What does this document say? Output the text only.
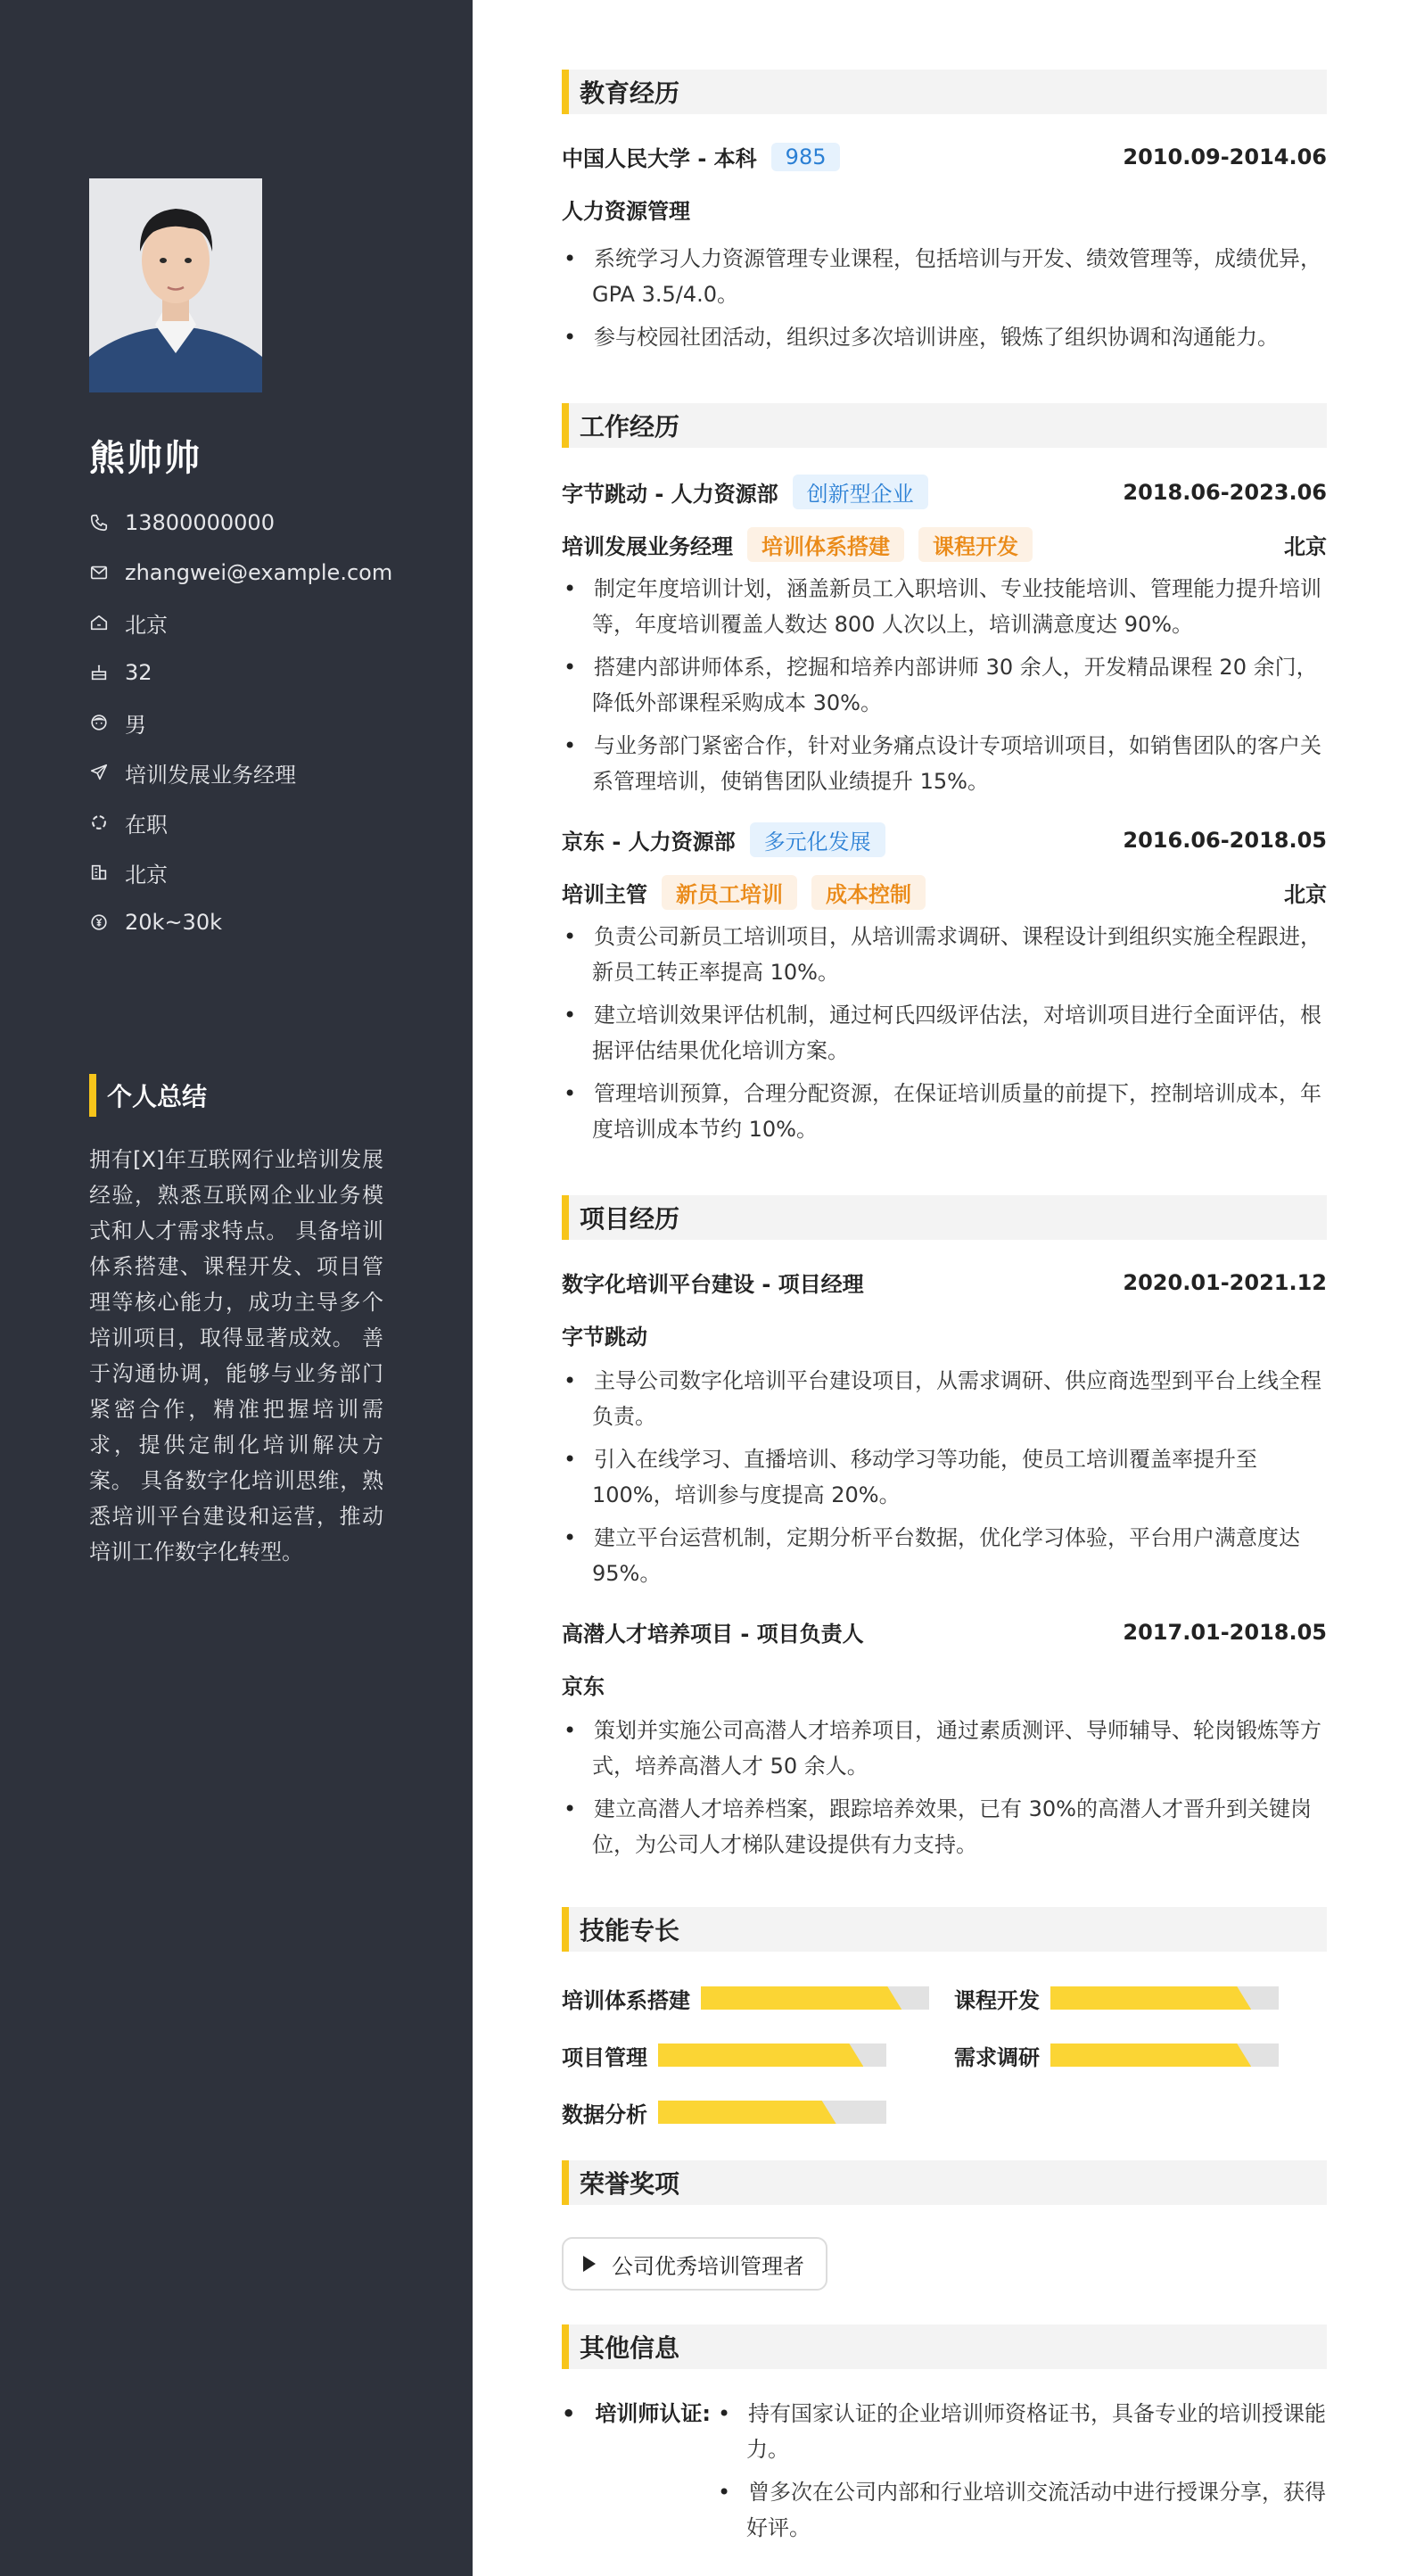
熊帅帅
13800000000
zhangwei@example.com
北京
32
男
培训发展业务经理
在职
北京
20k~30k
个人总结

拥有[X]年互联网行业培训发展经验，熟悉互联网企业业务模式和人才需求特点。 具备培训体系搭建、课程开发、项目管理等核心能力，成功主导多个培训项目，取得显著成效。 善于沟通协调，能够与业务部门紧密合作，精准把握培训需求，提供定制化培训解决方案。 具备数字化培训思维，熟悉培训平台建设和运营，推动培训工作数字化转型。

教育经历
中国人民大学 - 本科	985	2010.09-2014.06
人力资源管理
• 系统学习人力资源管理专业课程，包括培训与开发、绩效管理等，成绩优异，GPA 3.5/4.0。
• 参与校园社团活动，组织过多次培训讲座，锻炼了组织协调和沟通能力。
工作经历
字节跳动 - 人力资源部	创新型企业	2018.06-2023.06
培训发展业务经理	培训体系搭建	课程开发	北京
• 制定年度培训计划，涵盖新员工入职培训、专业技能培训、管理能力提升培训等，年度培训覆盖人数达 800 人次以上，培训满意度达 90%。
• 搭建内部讲师体系，挖掘和培养内部讲师 30 余人，开发精品课程 20 余门，降低外部课程采购成本 30%。
• 与业务部门紧密合作，针对业务痛点设计专项培训项目，如销售团队的客户关系管理培训，使销售团队业绩提升 15%。
京东 - 人力资源部	多元化发展	2016.06-2018.05
培训主管	新员工培训	成本控制	北京
• 负责公司新员工培训项目，从培训需求调研、课程设计到组织实施全程跟进，新员工转正率提高 10%。
• 建立培训效果评估机制，通过柯氏四级评估法，对培训项目进行全面评估，根据评估结果优化培训方案。
• 管理培训预算，合理分配资源，在保证培训质量的前提下，控制培训成本，年度培训成本节约 10%。
项目经历
数字化培训平台建设 - 项目经理	2020.01-2021.12
字节跳动
• 主导公司数字化培训平台建设项目，从需求调研、供应商选型到平台上线全程负责。
• 引入在线学习、直播培训、移动学习等功能，使员工培训覆盖率提升至 100%，培训参与度提高 20%。
• 建立平台运营机制，定期分析平台数据，优化学习体验，平台用户满意度达 95%。
高潜人才培养项目 - 项目负责人	2017.01-2018.05
京东
• 策划并实施公司高潜人才培养项目，通过素质测评、导师辅导、轮岗锻炼等方式，培养高潜人才 50 余人。
• 建立高潜人才培养档案，跟踪培养效果，已有 30%的高潜人才晋升到关键岗位，为公司人才梯队建设提供有力支持。
技能专长
培训体系搭建	课程开发
项目管理	需求调研
数据分析
荣誉奖项
公司优秀培训管理者
其他信息
• 培训师认证:
•	持有国家认证的企业培训师资格证书，具备专业的培训授课能力。
• 曾多次在公司内部和行业培训交流活动中进行授课分享，获得好评。
